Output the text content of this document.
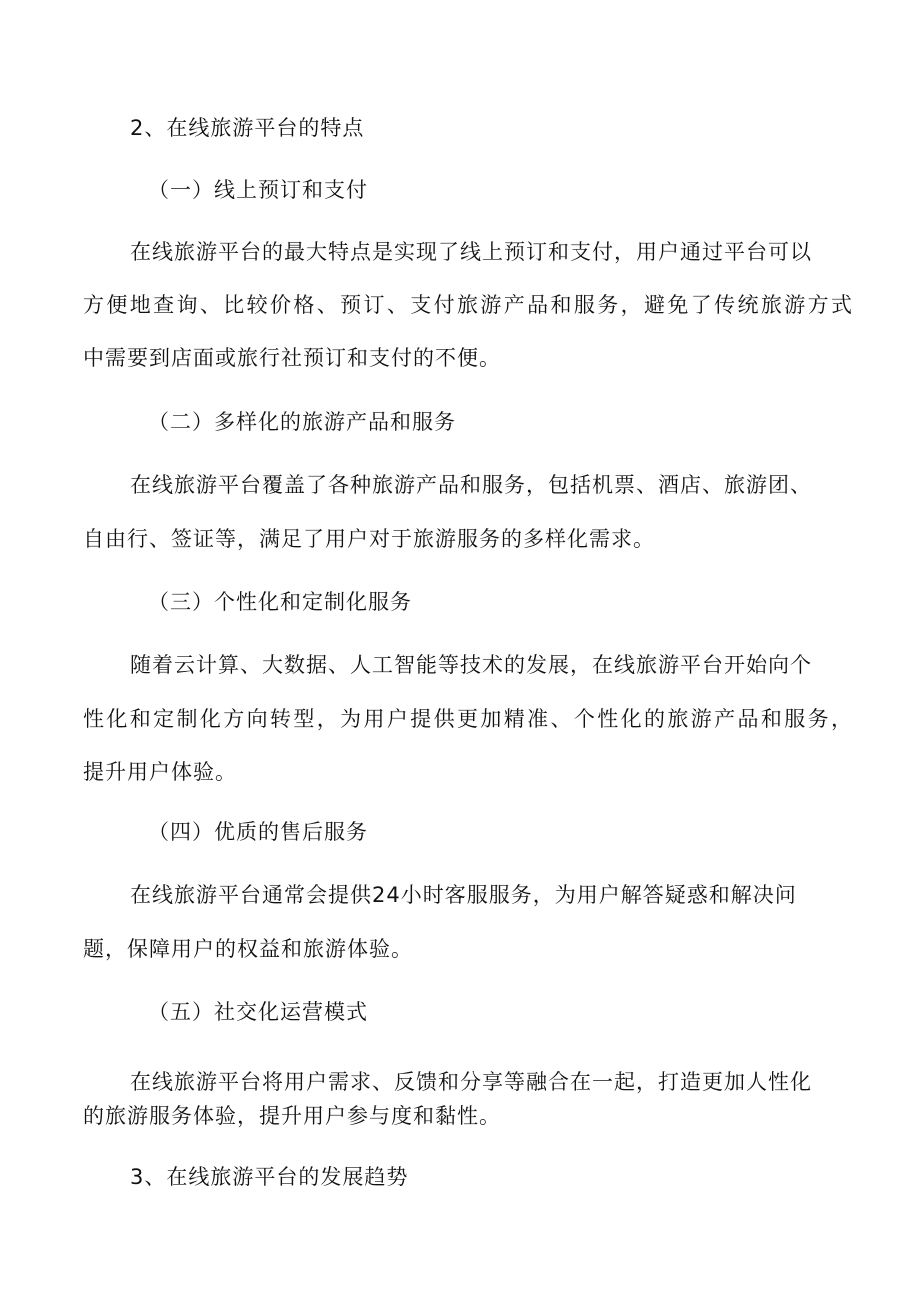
2、在线旅游平台的特点
（一）线上预订和支付
在线旅游平台的最大特点是实现了线上预订和支付，用户通过平台可以
方便地查询、比较价格、预订、支付旅游产品和服务，避免了传统旅游方式
中需要到店面或旅行社预订和支付的不便。
（二）多样化的旅游产品和服务
在线旅游平台覆盖了各种旅游产品和服务，包括机票、酒店、旅游团、
自由行、签证等，满足了用户对于旅游服务的多样化需求。
（三）个性化和定制化服务
随着云计算、大数据、人工智能等技术的发展，在线旅游平台开始向个
性化和定制化方向转型，为用户提供更加精准、个性化的旅游产品和服务，
提升用户体验。
（四）优质的售后服务
在线旅游平台通常会提供24小时客服服务，为用户解答疑惑和解决问
题，保障用户的权益和旅游体验。
（五）社交化运营模式
在线旅游平台将用户需求、反馈和分享等融合在一起，打造更加人性化
的旅游服务体验，提升用户参与度和黏性。
3、在线旅游平台的发展趋势
